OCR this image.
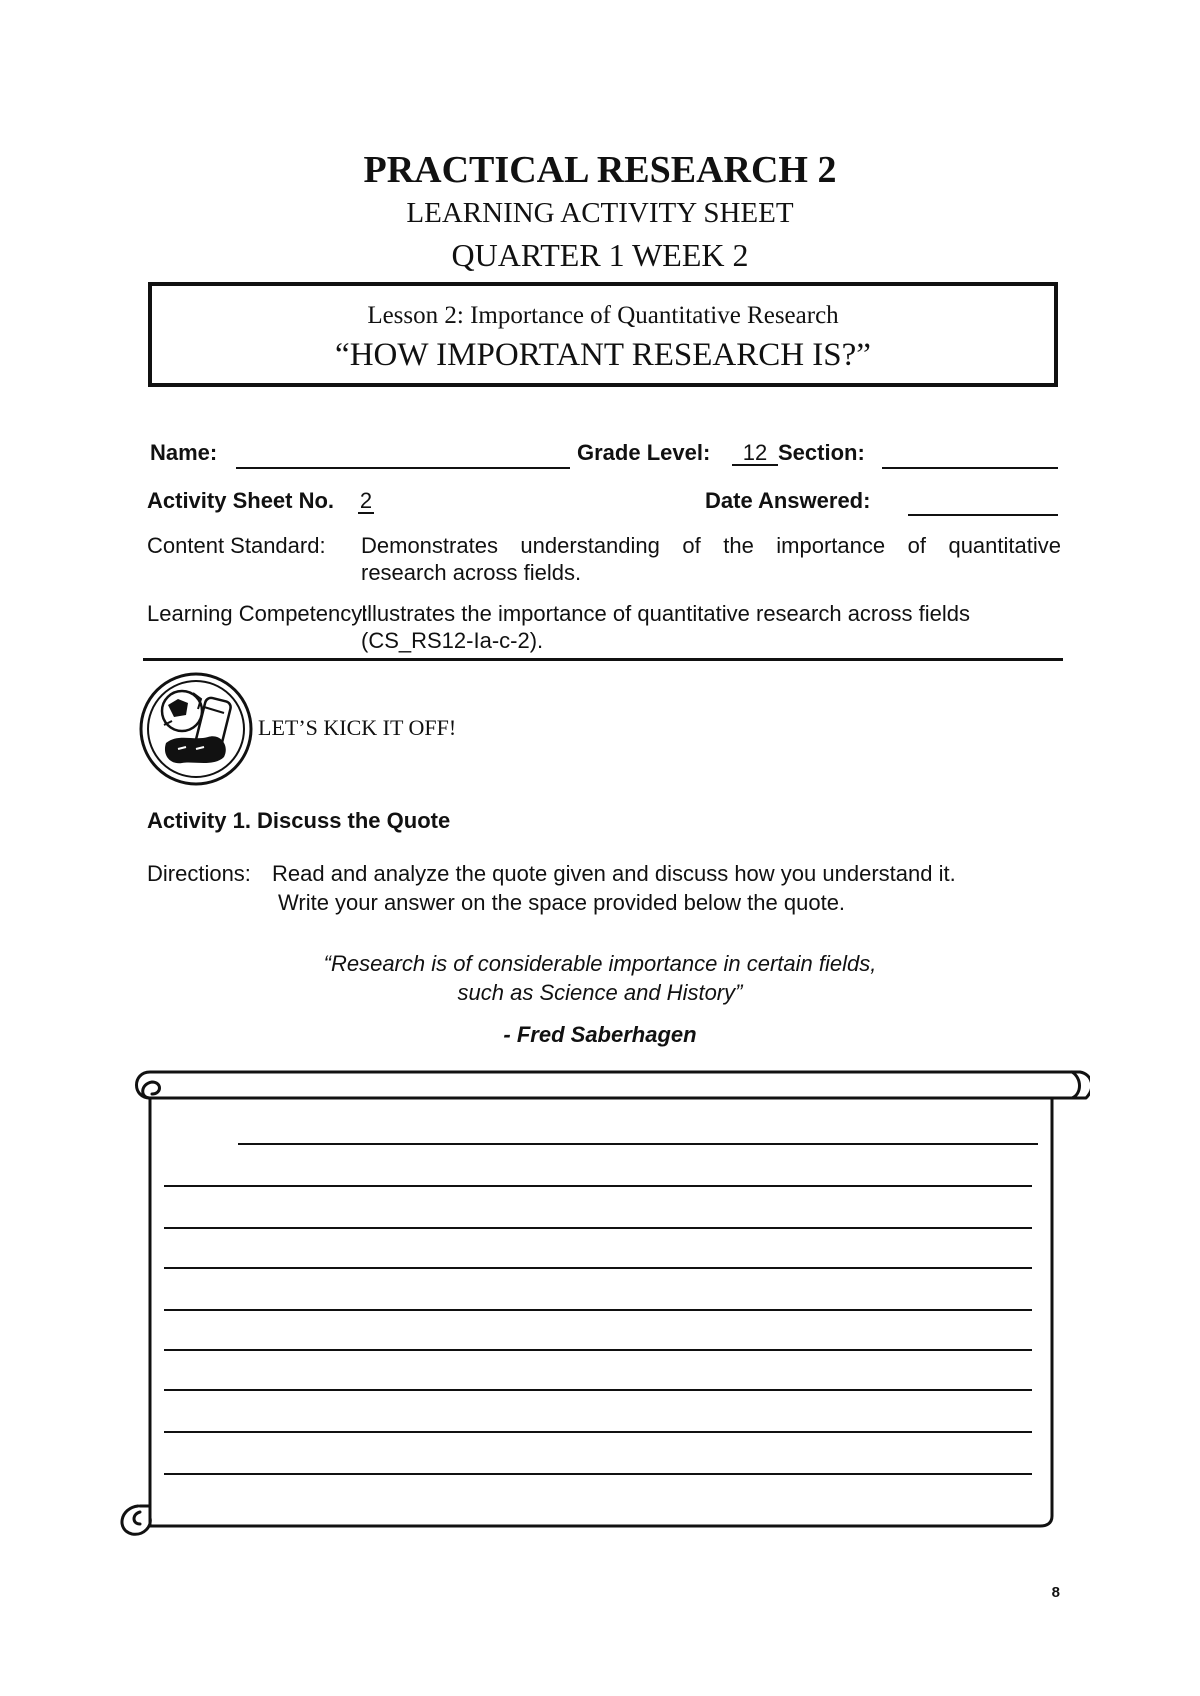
PRACTICAL RESEARCH 2
LEARNING ACTIVITY SHEET
QUARTER 1 WEEK 2
Lesson 2: Importance of Quantitative Research
“HOW IMPORTANT RESEARCH IS?”
Name:	Grade Level:	12 Section:
Activity Sheet No. 2	Date Answered:
Content Standard: Demonstrates understanding of the importance of quantitative
research across fields.
Learning Competency:
Illustrates the importance of quantitative research across fields
(CS_RS12-Ia-c-2).
LET’S KICK IT OFF!
Activity 1. Discuss the Quote
Directions: Read and analyze the quote given and discuss how you understand it.
Write your answer on the space provided below the quote.
“Research is of considerable importance in certain fields,
such as Science and History”
- Fred Saberhagen
8
